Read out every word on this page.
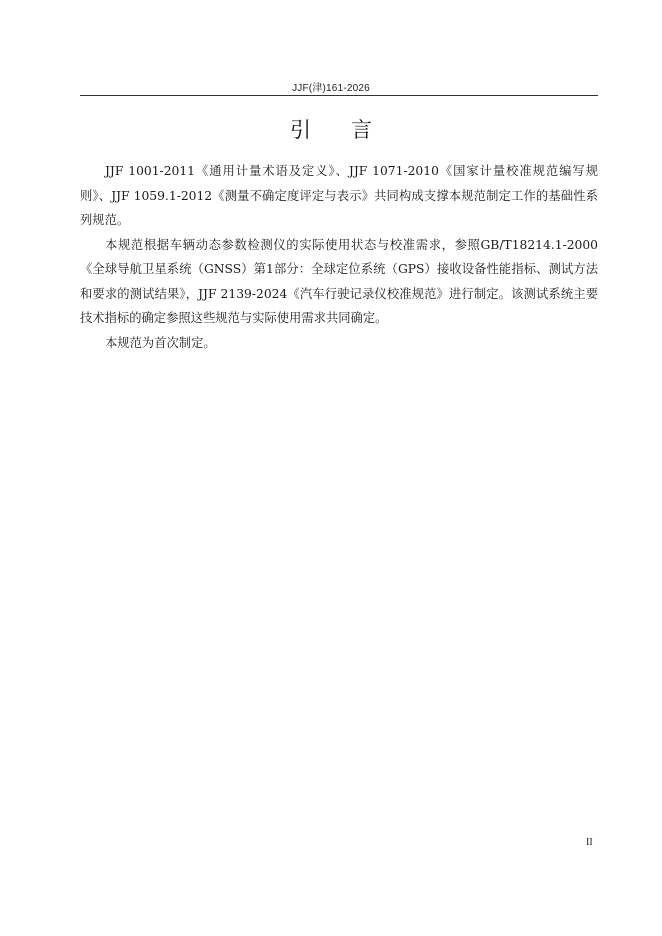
JJF(津)161-2026
引言

JJF 1001-2011《通用计量术语及定义》、JJF 1071-2010《国家计量校准规范编写规则》、JJF 1059.1-2012《测量不确定度评定与表示》共同构成支撑本规范制定工作的基础性系列规范。

本规范根据车辆动态参数检测仪的实际使用状态与校准需求，参照GB/T18214.1-2000 《全球导航卫星系统（GNSS）第1部分：全球定位系统（GPS）接收设备性能指标、测试方法和要求的测试结果》，JJF 2139-2024《汽车行驶记录仪校准规范》进行制定。该测试系统主要技术指标的确定参照这些规范与实际使用需求共同确定。

本规范为首次制定。

II
